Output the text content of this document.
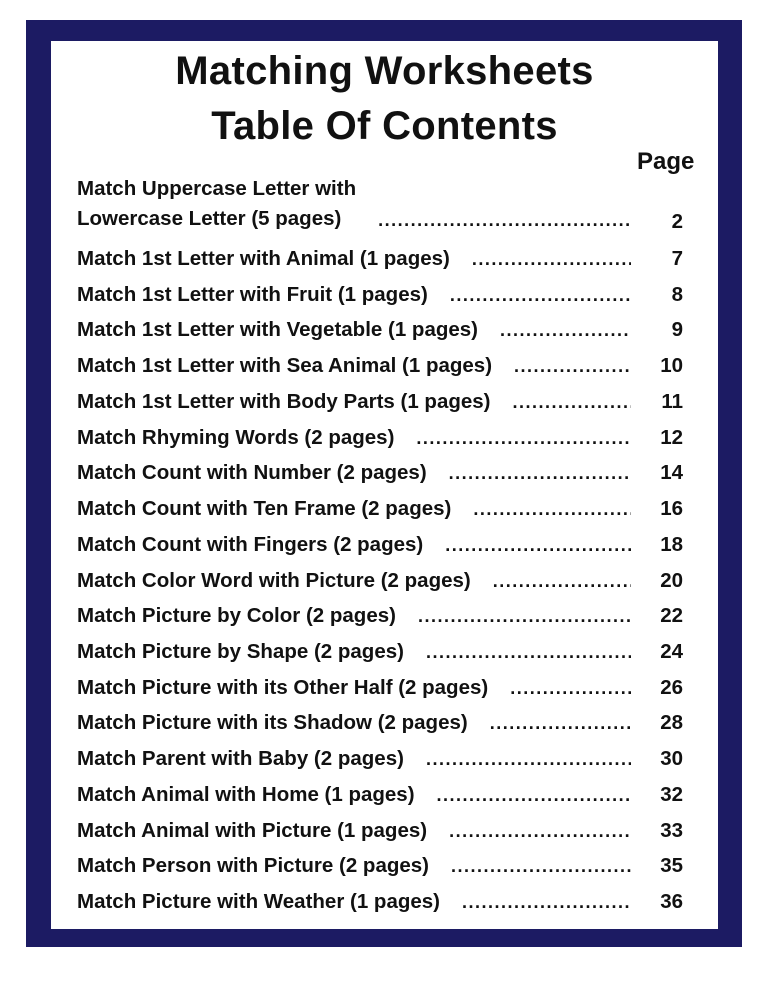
Matching Worksheets
Table Of Contents
Page
Match Uppercase Letter with
Lowercase Letter (5 pages) .....	2
Match 1st Letter with Animal (1 pages) .....	7
Match 1st Letter with Fruit (1 pages) .....	8
Match 1st Letter with Vegetable (1 pages) .....	9
Match 1st Letter with Sea Animal (1 pages) .....	10
Match 1st Letter with Body Parts (1 pages) .....	11
Match Rhyming Words (2 pages) .....	12
Match Count with Number (2 pages) .....	14
Match Count with Ten Frame (2 pages) .....	16
Match Count with Fingers (2 pages) .....	18
Match Color Word with Picture (2 pages) .....	20
Match Picture by Color (2 pages) .....	22
Match Picture by Shape (2 pages) .....	24
Match Picture with its Other Half (2 pages) .....	26
Match Picture with its Shadow (2 pages) .....	28
Match Parent with Baby (2 pages) .....	30
Match Animal with Home (1 pages) .....	32
Match Animal with Picture (1 pages) .....	33
Match Person with Picture (2 pages) .....	35
Match Picture with Weather (1 pages) .....	36
